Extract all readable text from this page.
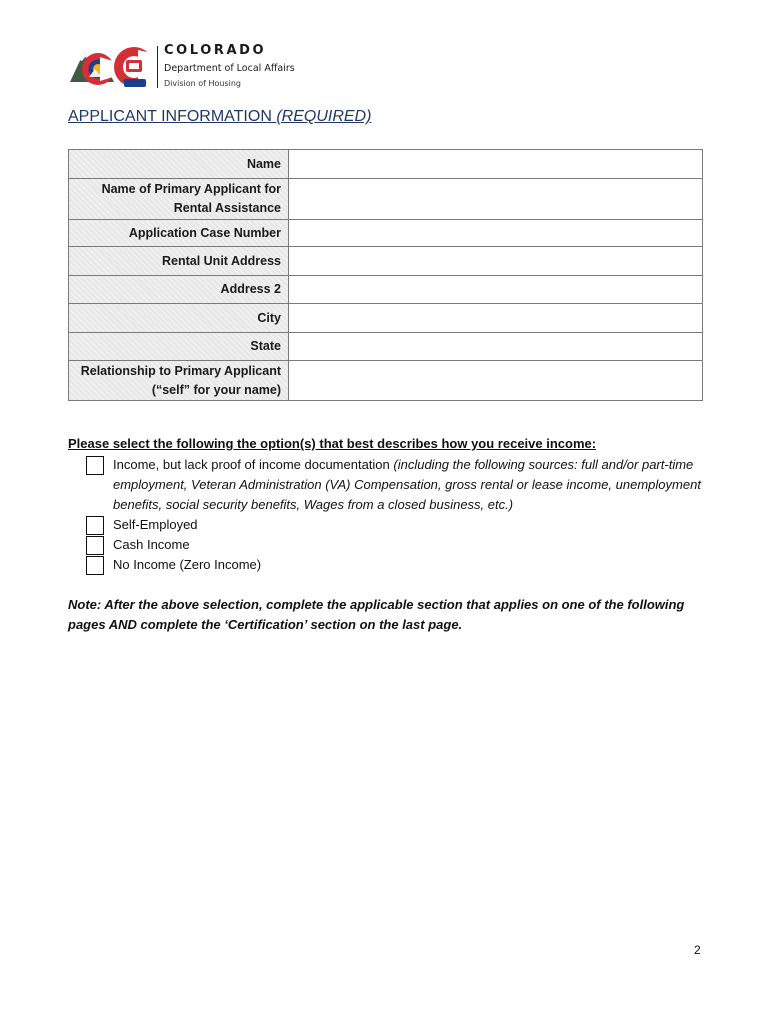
COLORADO
Department of Local Affairs
Division of Housing
APPLICANT INFORMATION (REQUIRED)
Name	
Name of Primary Applicant for Rental Assistance	
Application Case Number	
Rental Unit Address	
Address 2	
City	
State	
Relationship to Primary Applicant (“self” for your name)	

Please select the following the option(s) that best describes how you receive income:

Income, but lack proof of income documentation (including the following sources: full and/or part-time employment, Veteran Administration (VA) Compensation, gross rental or lease income, unemployment benefits, social security benefits, Wages from a closed business, etc.)
Self-Employed
Cash Income
No Income (Zero Income)

Note: After the above selection, complete the applicable section that applies on one of the following pages AND complete the ‘Certification’ section on the last page.

2
